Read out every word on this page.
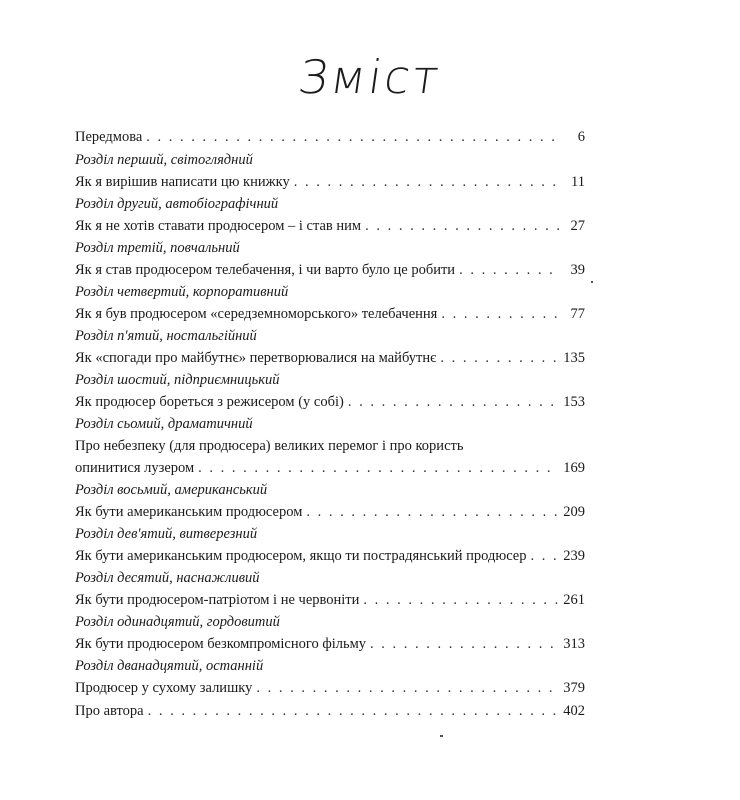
Зміст
Передмова . . .	6
Розділ перший, світоглядний
Як я вирішив написати цю книжку . . .	11
Розділ другий, автобіографічний
Як я не хотів ставати продюсером – і став ним . . .	27
Розділ третій, повчальний
Як я став продюсером телебачення, і чи варто було це робити . . .	39
Розділ четвертий, корпоративний
Як я був продюсером «середземноморського» телебачення . . .	77
Розділ п'ятий, ностальгійний
Як «спогади про майбутнє» перетворювалися на майбутнє . . .	135
Розділ шостий, підприємницький
Як продюсер бореться з режисером (у собі) . . .	153
Розділ сьомий, драматичний
Про небезпеку (для продюсера) великих перемог і про користь
опинитися лузером . . .	169
Розділ восьмий, американський
Як бути американським продюсером . . .	209
Розділ дев'ятий, витверезний
Як бути американським продюсером, якщо ти пострадянський продюсер . . .	239
Розділ десятий, наснажливий
Як бути продюсером-патріотом і не червоніти . . .	261
Розділ одинадцятий, гордовитий
Як бути продюсером безкомпромісного фільму . . .	313
Розділ дванадцятий, останній
Продюсер у сухому залишку . . .	379
Про автора . . .	402
